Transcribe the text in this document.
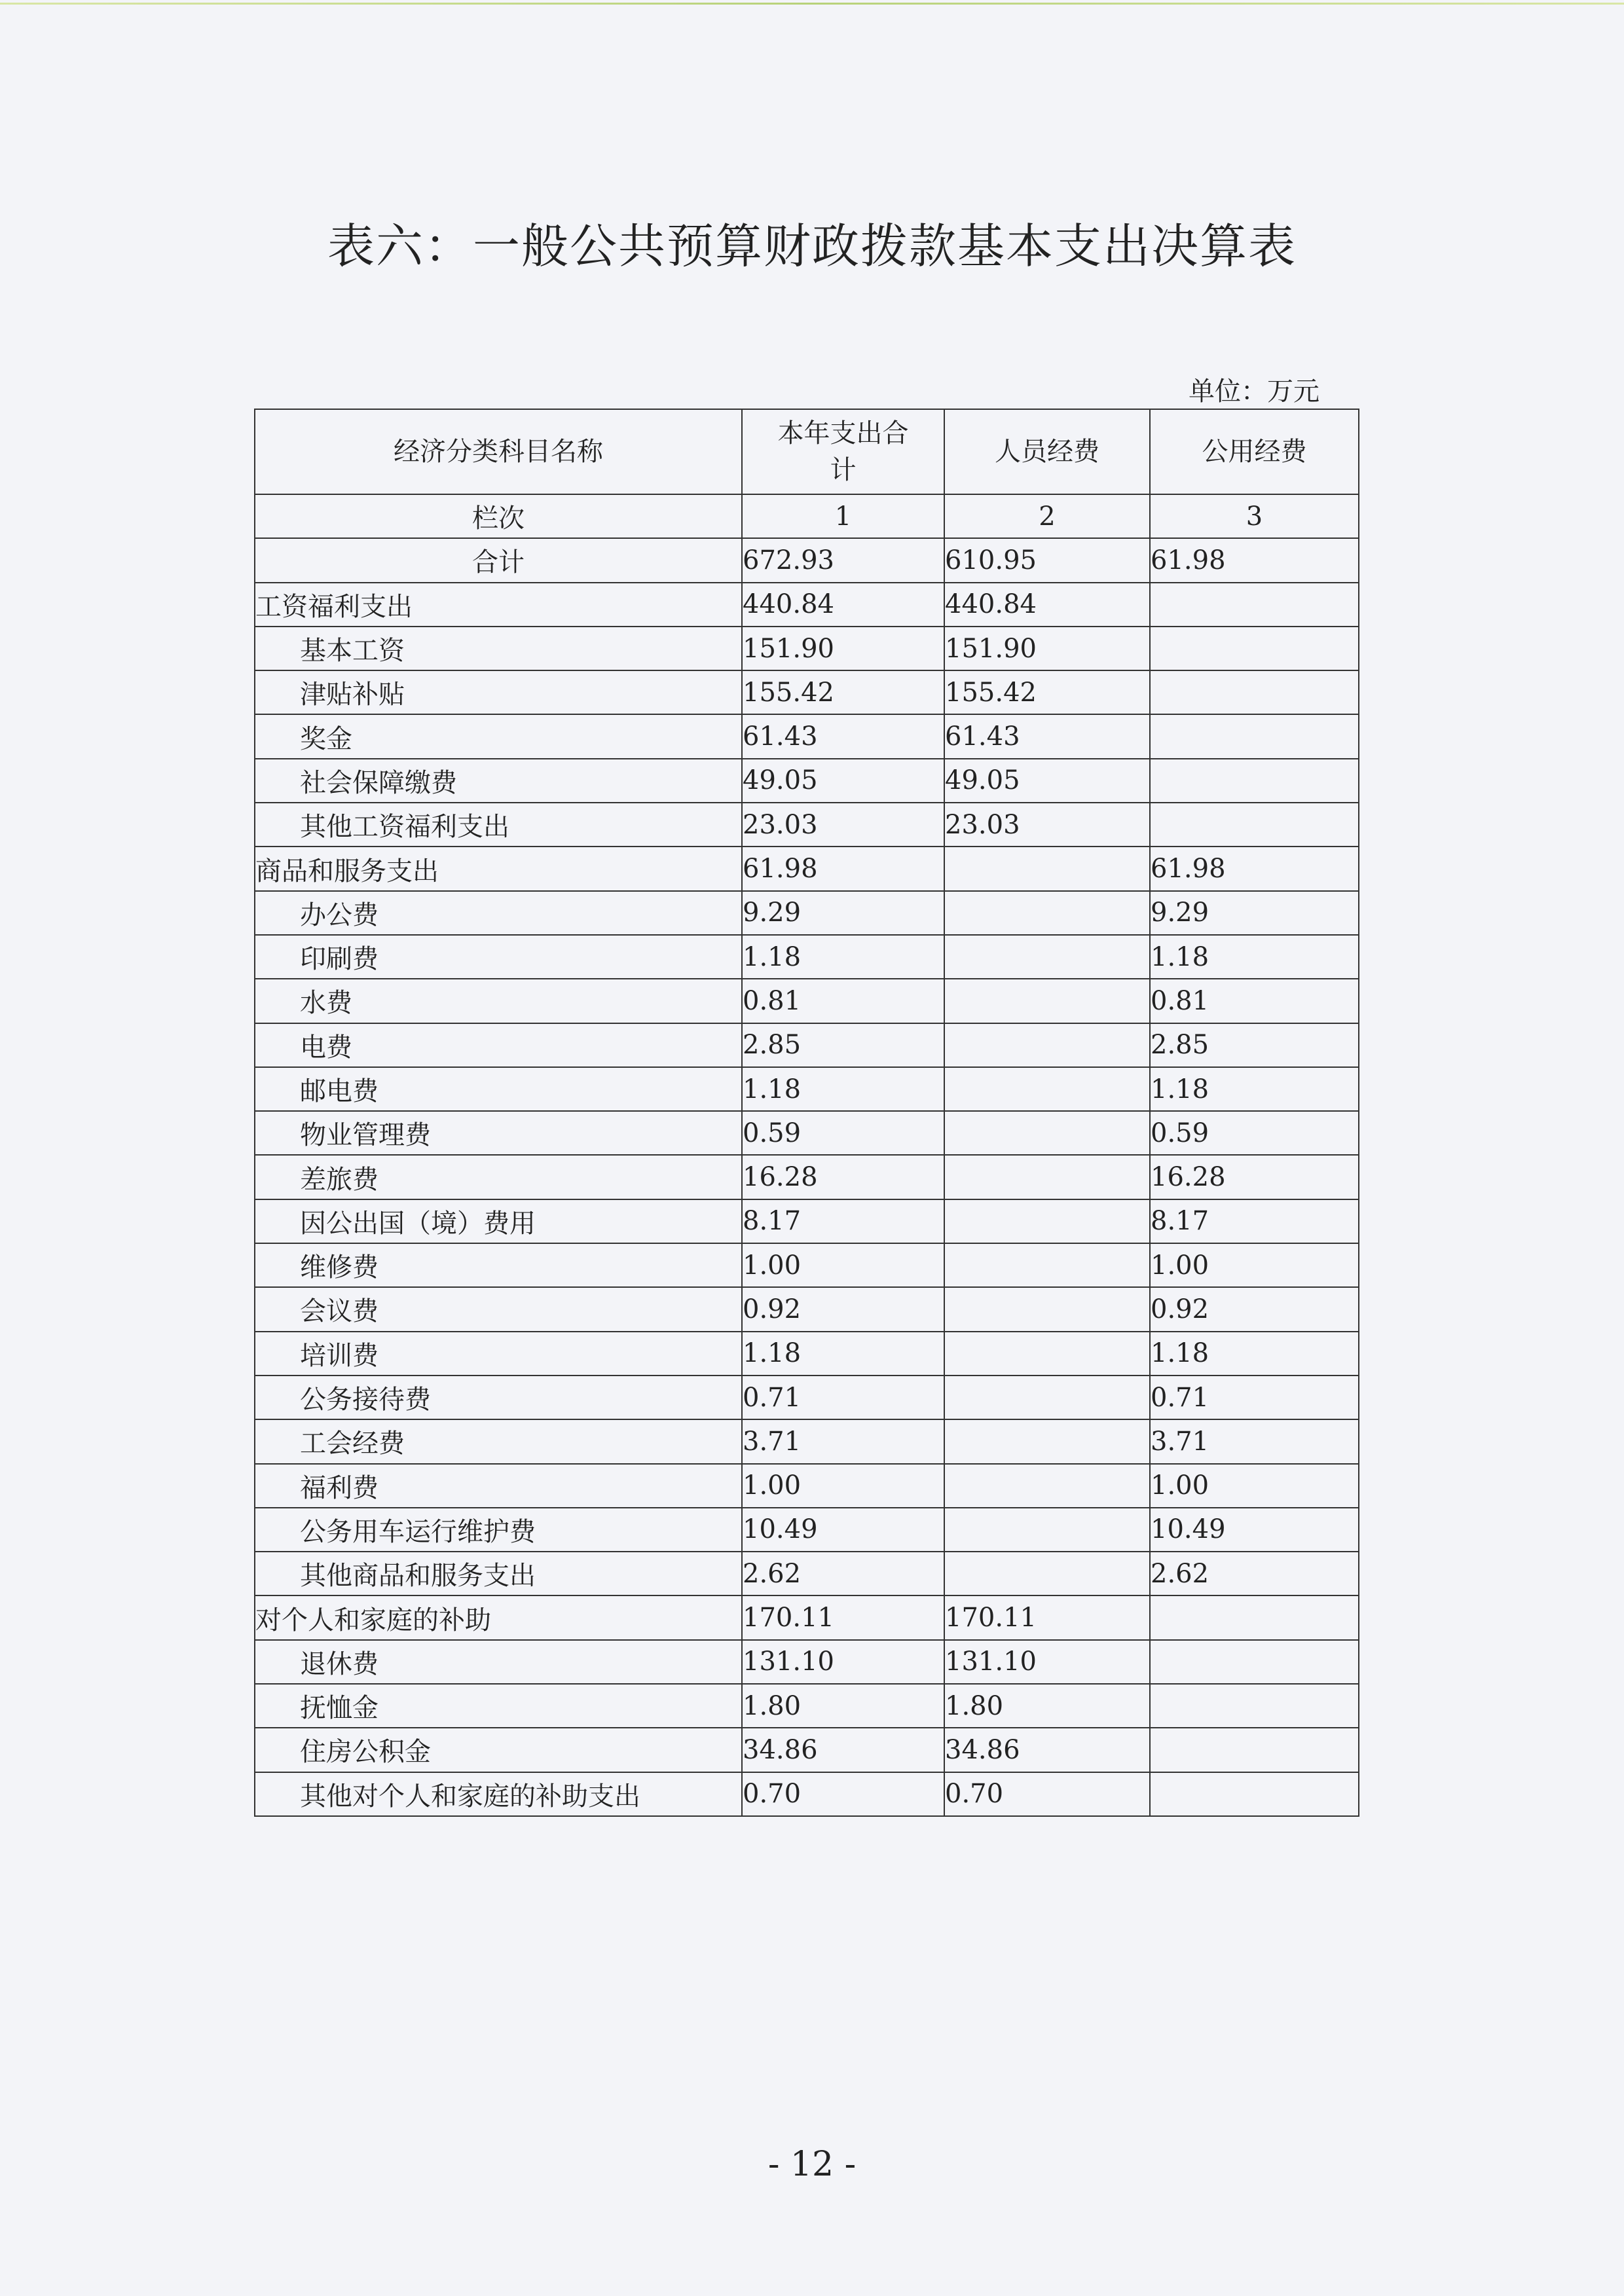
表六：一般公共预算财政拨款基本支出决算表
单位：万元
经济分类科目名称	本年支出合计	人员经费	公用经费
栏次	1	2	3
合计	672.93	610.95	61.98
工资福利支出	440.84	440.84	
基本工资	151.90	151.90	
津贴补贴	155.42	155.42	
奖金	61.43	61.43	
社会保障缴费	49.05	49.05	
其他工资福利支出	23.03	23.03	
商品和服务支出	61.98		61.98
办公费	9.29		9.29
印刷费	1.18		1.18
水费	0.81		0.81
电费	2.85		2.85
邮电费	1.18		1.18
物业管理费	0.59		0.59
差旅费	16.28		16.28
因公出国（境）费用	8.17		8.17
维修费	1.00		1.00
会议费	0.92		0.92
培训费	1.18		1.18
公务接待费	0.71		0.71
工会经费	3.71		3.71
福利费	1.00		1.00
公务用车运行维护费	10.49		10.49
其他商品和服务支出	2.62		2.62
对个人和家庭的补助	170.11	170.11	
退休费	131.10	131.10	
抚恤金	1.80	1.80	
住房公积金	34.86	34.86	
其他对个人和家庭的补助支出	0.70	0.70	
- 12 -
